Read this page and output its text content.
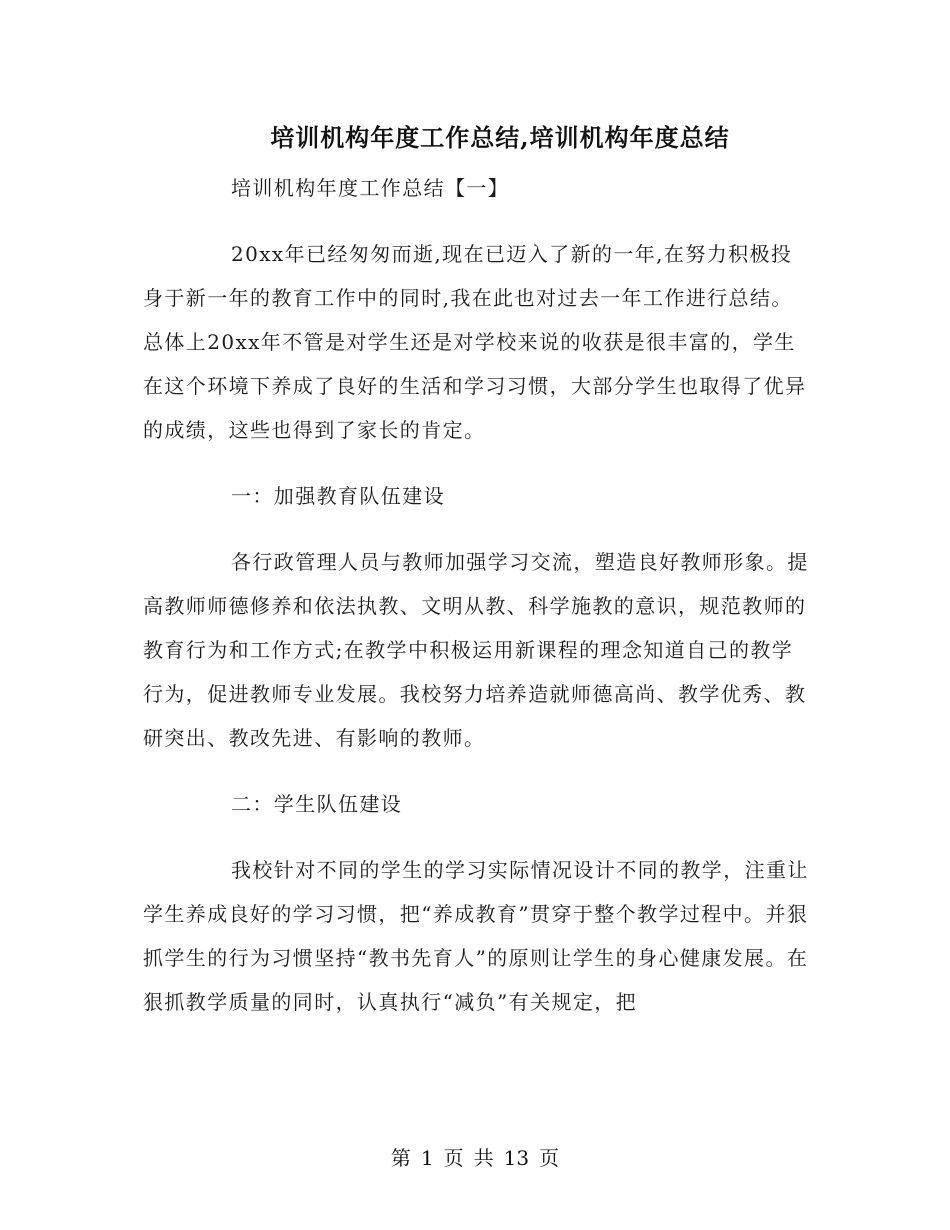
培训机构年度工作总结,培训机构年度总结

培训机构年度工作总结【一】

20xx年已经匆匆而逝,现在已迈入了新的一年,在努力积极投身于新一年的教育工作中的同时,我在此也对过去一年工作进行总结。总体上20xx年不管是对学生还是对学校来说的收获是很丰富的，学生在这个环境下养成了良好的生活和学习习惯，大部分学生也取得了优异的成绩，这些也得到了家长的肯定。

一：加强教育队伍建设

各行政管理人员与教师加强学习交流，塑造良好教师形象。提高教师师德修养和依法执教、文明从教、科学施教的意识，规范教师的教育行为和工作方式;在教学中积极运用新课程的理念知道自己的教学行为，促进教师专业发展。我校努力培养造就师德高尚、教学优秀、教研突出、教改先进、有影响的教师。

二：学生队伍建设

我校针对不同的学生的学习实际情况设计不同的教学，注重让学生养成良好的学习习惯，把“养成教育”贯穿于整个教学过程中。并狠抓学生的行为习惯坚持“教书先育人”的原则让学生的身心健康发展。在狠抓教学质量的同时，认真执行“减负”有关规定，把

第 1 页 共 13 页
